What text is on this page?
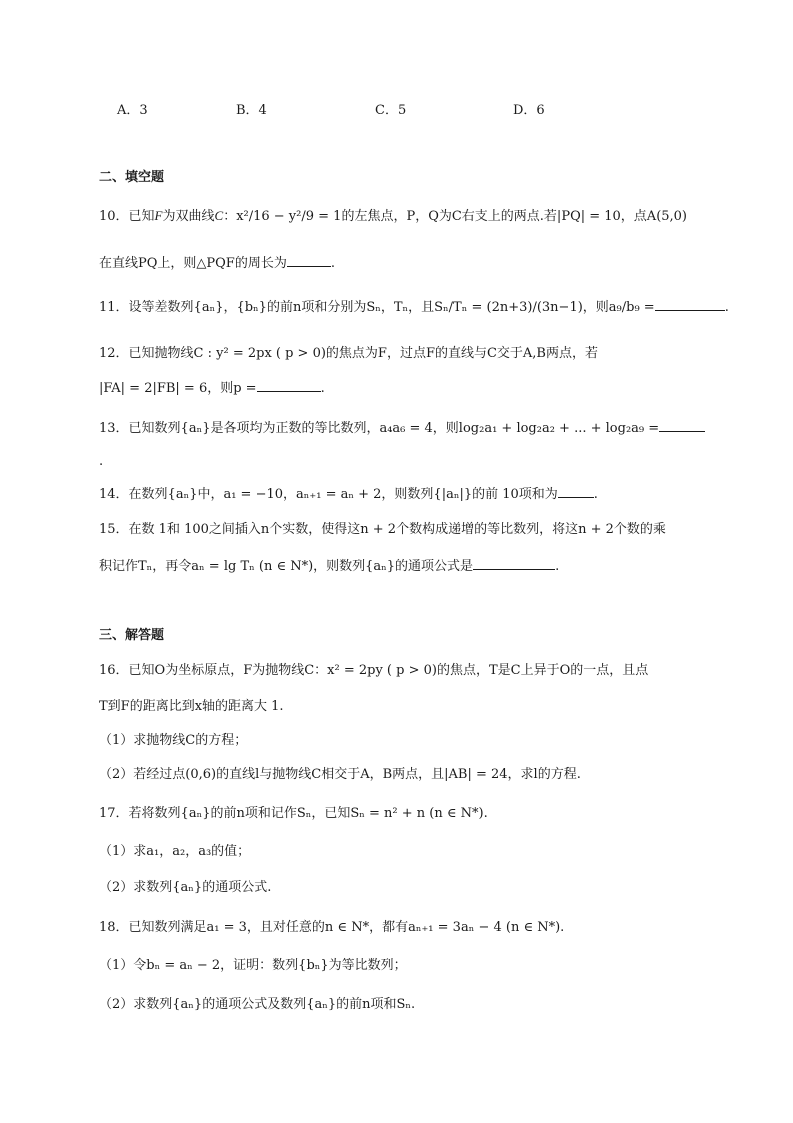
A．3	B．4	C．5	D．6
二、填空题
10．已知F为双曲线C：x²/16 − y²/9 = 1的左焦点，P，Q为C右支上的两点.若|PQ| = 10，点A(5,0)
在直线PQ上，则△PQF的周长为	.
11．设等差数列{aₙ}，{bₙ}的前n项和分别为Sₙ，Tₙ，且Sₙ/Tₙ = (2n+3)/(3n−1)，则a₉/b₉ =	.
12．已知抛物线C : y² = 2px ( p > 0)的焦点为F，过点F的直线与C交于A,B两点，若
|FA| = 2|FB| = 6，则p =	.
13．已知数列{aₙ}是各项均为正数的等比数列，a₄a₆ = 4，则log₂a₁ + log₂a₂ + ... + log₂a₉ =
.
14．在数列{aₙ}中，a₁ = −10，aₙ₊₁ = aₙ + 2，则数列{|aₙ|}的前 10项和为	.
15．在数 1和 100之间插入n个实数，使得这n + 2个数构成递增的等比数列，将这n + 2个数的乘
积记作Tₙ，再令aₙ = lg Tₙ (n ∈ N*)，则数列{aₙ}的通项公式是	.
三、解答题
16．已知O为坐标原点，F为抛物线C：x² = 2py ( p > 0)的焦点，T是C上异于O的一点，且点
T到F的距离比到x轴的距离大 1.
（1）求抛物线C的方程；
（2）若经过点(0,6)的直线l与抛物线C相交于A，B两点，且|AB| = 24，求l的方程.
17．若将数列{aₙ}的前n项和记作Sₙ，已知Sₙ = n² + n (n ∈ N*).
（1）求a₁，a₂，a₃的值；
（2）求数列{aₙ}的通项公式.
18．已知数列满足a₁ = 3，且对任意的n ∈ N*，都有aₙ₊₁ = 3aₙ − 4 (n ∈ N*).
（1）令bₙ = aₙ − 2，证明：数列{bₙ}为等比数列；
（2）求数列{aₙ}的通项公式及数列{aₙ}的前n项和Sₙ.
